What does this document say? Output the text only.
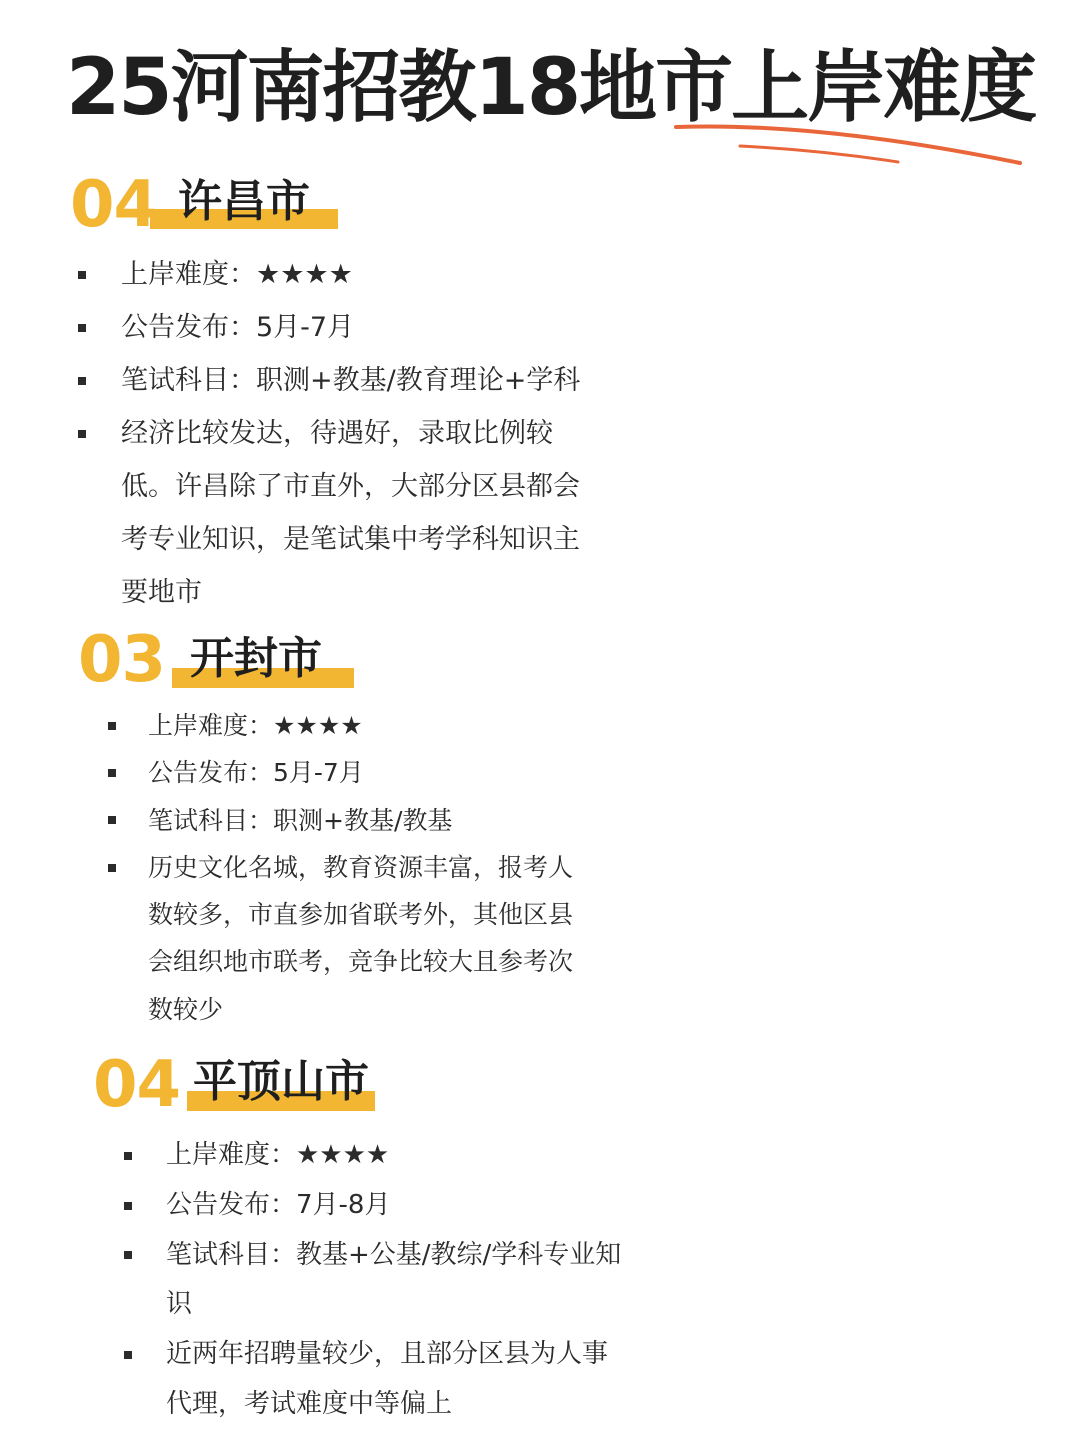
25河南招教18地市上岸难度
04 许昌市
上岸难度：★★★★
公告发布：5月-7月
笔试科目：职测+教基/教育理论+学科
经济比较发达，待遇好，录取比例较
低。许昌除了市直外，大部分区县都会
考专业知识，是笔试集中考学科知识主
要地市
03 开封市
上岸难度：★★★★
公告发布：5月-7月
笔试科目：职测+教基/教基
历史文化名城，教育资源丰富，报考人
数较多，市直参加省联考外，其他区县
会组织地市联考，竞争比较大且参考次
数较少
04 平顶山市
上岸难度：★★★★
公告发布：7月-8月
笔试科目：教基+公基/教综/学科专业知
识
近两年招聘量较少，且部分区县为人事
代理，考试难度中等偏上
